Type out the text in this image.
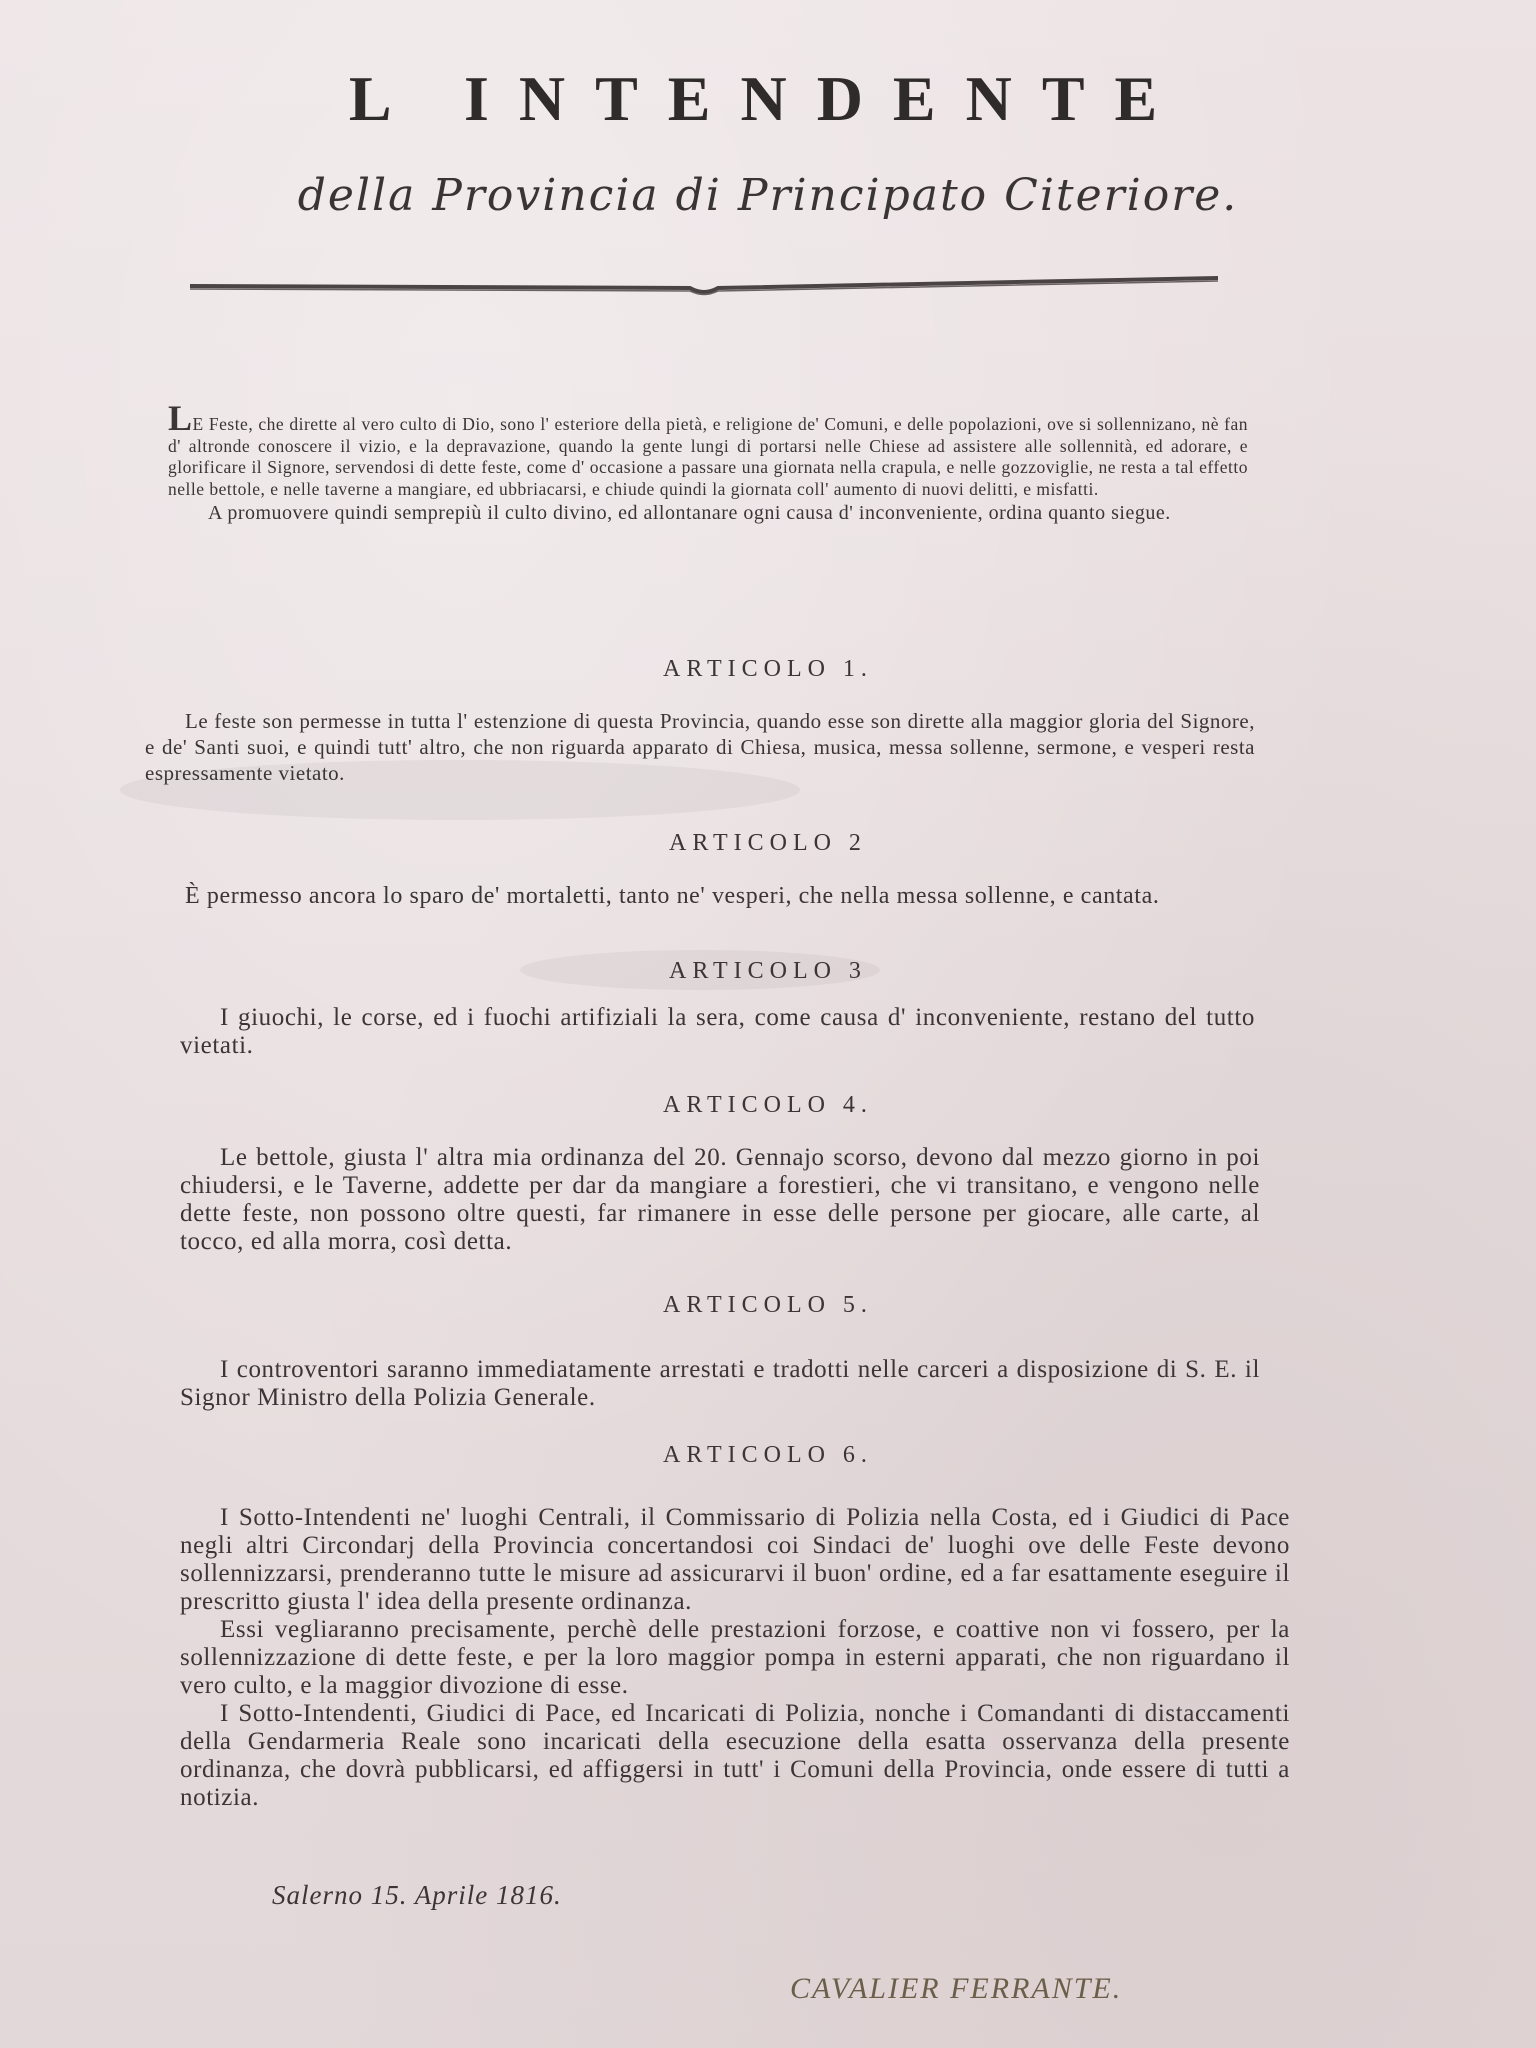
L INTENDENTE
della Provincia di Principato Citeriore.

LE Feste, che dirette al vero culto di Dio, sono l' esteriore della pietà, e religione de' Comuni, e delle popolazioni, ove si sollennizano, nè fan d' altronde conoscere il vizio, e la depravazione, quando la gente lungi di portarsi nelle Chiese ad assistere alle sollennità, ed adorare, e glorificare il Signore, servendosi di dette feste, come d' occasione a passare una giornata nella crapula, e nelle gozzoviglie, ne resta a tal effetto nelle bettole, e nelle taverne a mangiare, ed ubbriacarsi, e chiude quindi la giornata coll' aumento di nuovi delitti, e misfatti.

A promuovere quindi semprepiù il culto divino, ed allontanare ogni causa d' inconveniente, ordina quanto siegue.

ARTICOLO 1.

Le feste son permesse in tutta l' estenzione di questa Provincia, quando esse son dirette alla maggior gloria del Signore, e de' Santi suoi, e quindi tutt' altro, che non riguarda apparato di Chiesa, musica, messa sollenne, sermone, e vesperi resta espressamente vietato.

ARTICOLO 2

È permesso ancora lo sparo de' mortaletti, tanto ne' vesperi, che nella messa sollenne, e cantata.

ARTICOLO 3

I giuochi, le corse, ed i fuochi artifiziali la sera, come causa d' inconveniente, restano del tutto vietati.

ARTICOLO 4.

Le bettole, giusta l' altra mia ordinanza del 20. Gennajo scorso, devono dal mezzo giorno in poi chiudersi, e le Taverne, addette per dar da mangiare a forestieri, che vi transitano, e vengono nelle dette feste, non possono oltre questi, far rimanere in esse delle persone per giocare, alle carte, al tocco, ed alla morra, così detta.

ARTICOLO 5.

I controventori saranno immediatamente arrestati e tradotti nelle carceri a disposizione di S. E. il Signor Ministro della Polizia Generale.

ARTICOLO 6.

I Sotto-Intendenti ne' luoghi Centrali, il Commissario di Polizia nella Costa, ed i Giudici di Pace negli altri Circondarj della Provincia concertandosi coi Sindaci de' luoghi ove delle Feste devono sollennizzarsi, prenderanno tutte le misure ad assicurarvi il buon' ordine, ed a far esattamente eseguire il prescritto giusta l' idea della presente ordinanza.

Essi vegliaranno precisamente, perchè delle prestazioni forzose, e coattive non vi fossero, per la sollennizzazione di dette feste, e per la loro maggior pompa in esterni apparati, che non riguardano il vero culto, e la maggior divozione di esse.

I Sotto-Intendenti, Giudici di Pace, ed Incaricati di Polizia, nonche i Comandanti di distaccamenti della Gendarmeria Reale sono incaricati della esecuzione della esatta osservanza della presente ordinanza, che dovrà pubblicarsi, ed affiggersi in tutt' i Comuni della Provincia, onde essere di tutti a notizia.

Salerno 15. Aprile 1816.
CAVALIER FERRANTE.
